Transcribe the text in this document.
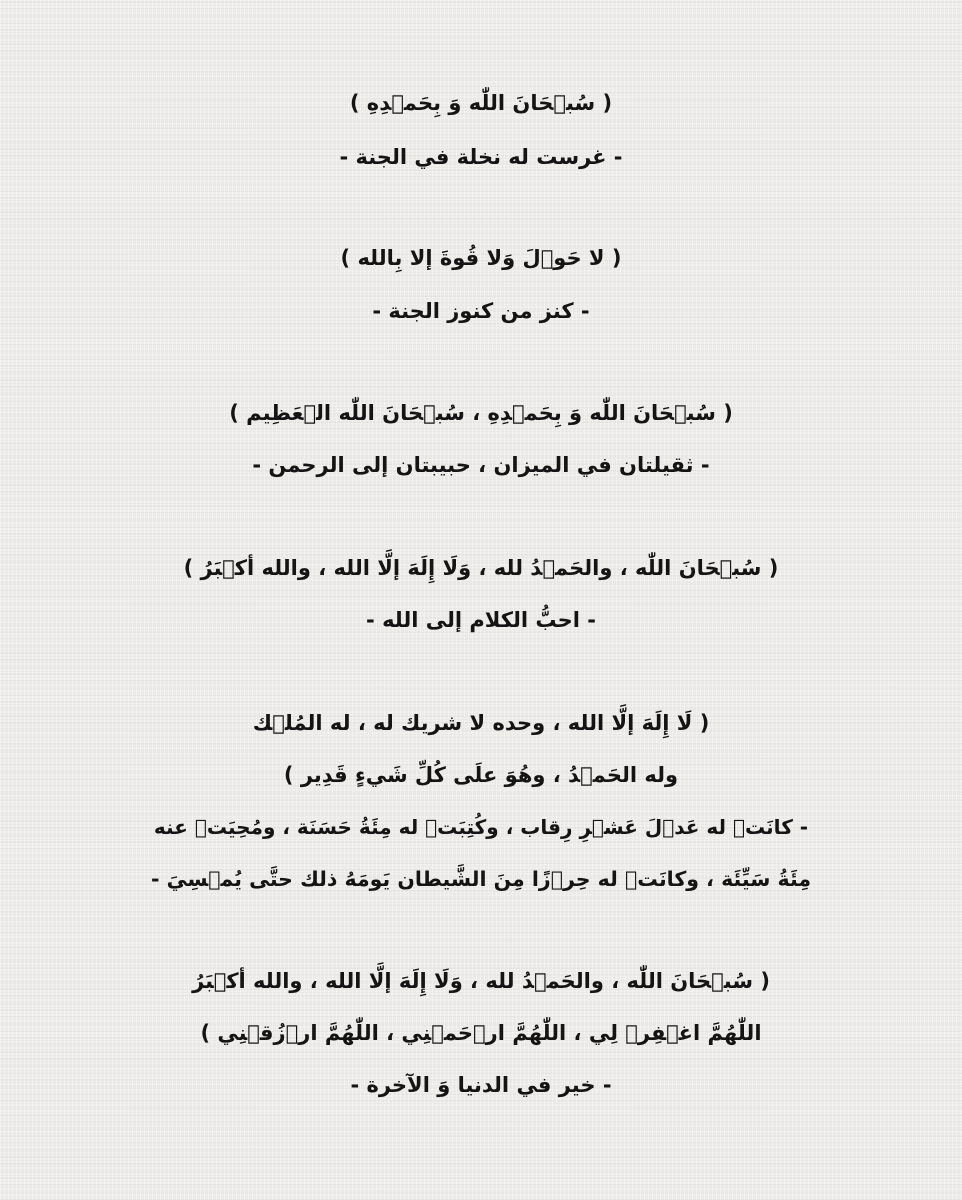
( سُبۡحَانَ اللّٰه وَ بِحَمۡدِهِ )
- غرست له نخلة في الجنة -
( لا حَوۡلَ وَلا قُوةَ إلا بِالله )
- كنز من كنوز الجنة -
( سُبۡحَانَ اللّٰه وَ بِحَمۡدِهِ ، سُبۡحَانَ اللّٰه الۡعَظِيم )
- ثقيلتان في الميزان ، حبيبتان إلى الرحمن -
( سُبۡحَانَ اللّٰه ، والحَمۡدُ لله ، وَلَا إِلَهَ إلَّا الله ، والله أكۡبَرُ )
- احبُّ الكلام إلى الله -
( لَا إِلَهَ إلَّا الله ، وحده لا شريك له ، له المُلۡك
وله الحَمۡدُ ، وهُوَ علَى كُلِّ شَيءٍ قَدِير )
- كانَتۡ له عَدۡلَ عَشۡرِ رِقاب ، وكُتِبَتۡ له مِئَةُ حَسَنَة ، ومُحِيَتۡ عنه
مِئَةُ سَيِّئَة ، وكانَتۡ له حِرۡزًا مِنَ الشَّيطان يَومَهُ ذلك حتَّى يُمۡسِيَ -
( سُبۡحَانَ اللّٰه ، والحَمۡدُ لله ، وَلَا إِلَهَ إلَّا الله ، والله أكۡبَرُ
اللّٰهُمَّ اغۡفِرۡ لِي ، اللّٰهُمَّ ارۡحَمۡنِي ، اللّٰهُمَّ ارۡزُقۡنِي )
- خير في الدنيا وَ الآخرة -
